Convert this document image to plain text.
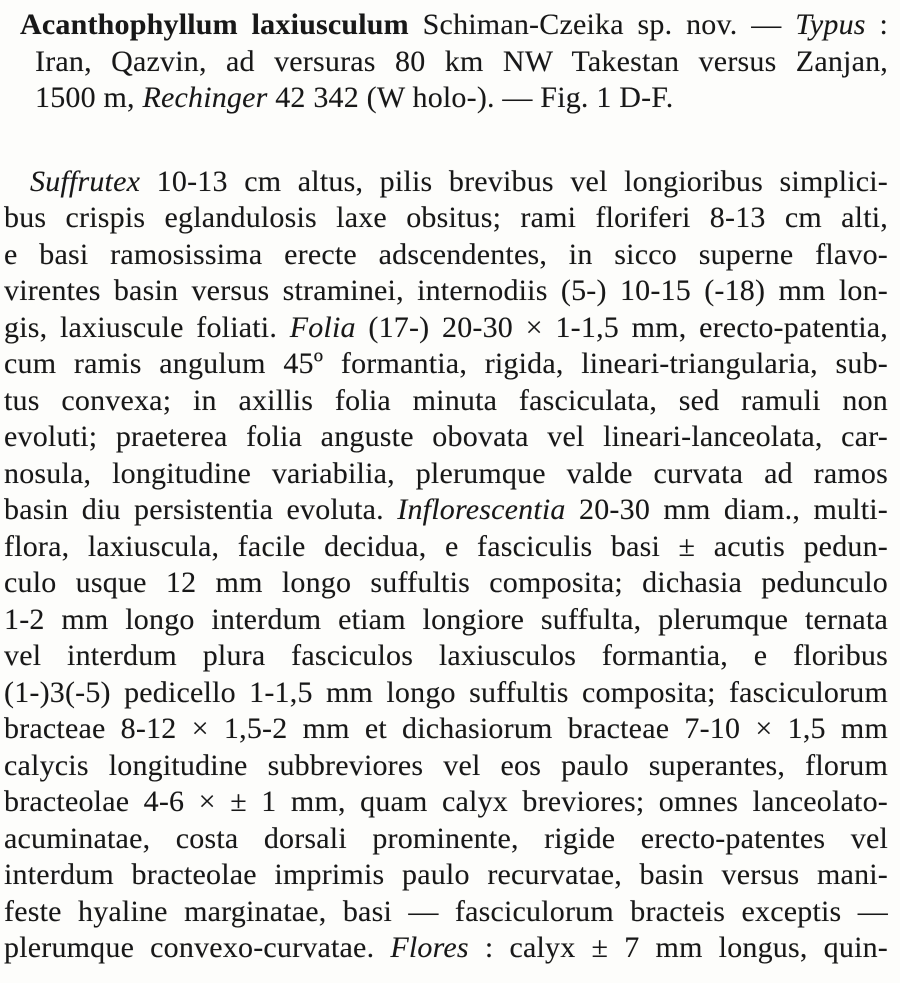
Acanthophyllum laxiusculum Schiman-Czeika sp. nov. — Typus :
Iran, Qazvin, ad versuras 80 km NW Takestan versus Zanjan,
1500 m, Rechinger 42 342 (W holo-). — Fig. 1 D-F.
Suffrutex 10-13 cm altus, pilis brevibus vel longioribus simplici-
bus crispis eglandulosis laxe obsitus; rami floriferi 8-13 cm alti,
e basi ramosissima erecte adscendentes, in sicco superne flavo-
virentes basin versus straminei, internodiis (5-) 10-15 (-18) mm lon-
gis, laxiuscule foliati. Folia (17-) 20-30 × 1-1,5 mm, erecto-patentia,
cum ramis angulum 45º formantia, rigida, lineari-triangularia, sub-
tus convexa; in axillis folia minuta fasciculata, sed ramuli non
evoluti; praeterea folia anguste obovata vel lineari-lanceolata, car-
nosula, longitudine variabilia, plerumque valde curvata ad ramos
basin diu persistentia evoluta. Inflorescentia 20-30 mm diam., multi-
flora, laxiuscula, facile decidua, e fasciculis basi ± acutis pedun-
culo usque 12 mm longo suffultis composita; dichasia pedunculo
1-2 mm longo interdum etiam longiore suffulta, plerumque ternata
vel interdum plura fasciculos laxiusculos formantia, e floribus
(1-)3(-5) pedicello 1-1,5 mm longo suffultis composita; fasciculorum
bracteae 8-12 × 1,5-2 mm et dichasiorum bracteae 7-10 × 1,5 mm
calycis longitudine subbreviores vel eos paulo superantes, florum
bracteolae 4-6 × ± 1 mm, quam calyx breviores; omnes lanceolato-
acuminatae, costa dorsali prominente, rigide erecto-patentes vel
interdum bracteolae imprimis paulo recurvatae, basin versus mani-
feste hyaline marginatae, basi — fasciculorum bracteis exceptis —
plerumque convexo-curvatae. Flores : calyx ± 7 mm longus, quin-
